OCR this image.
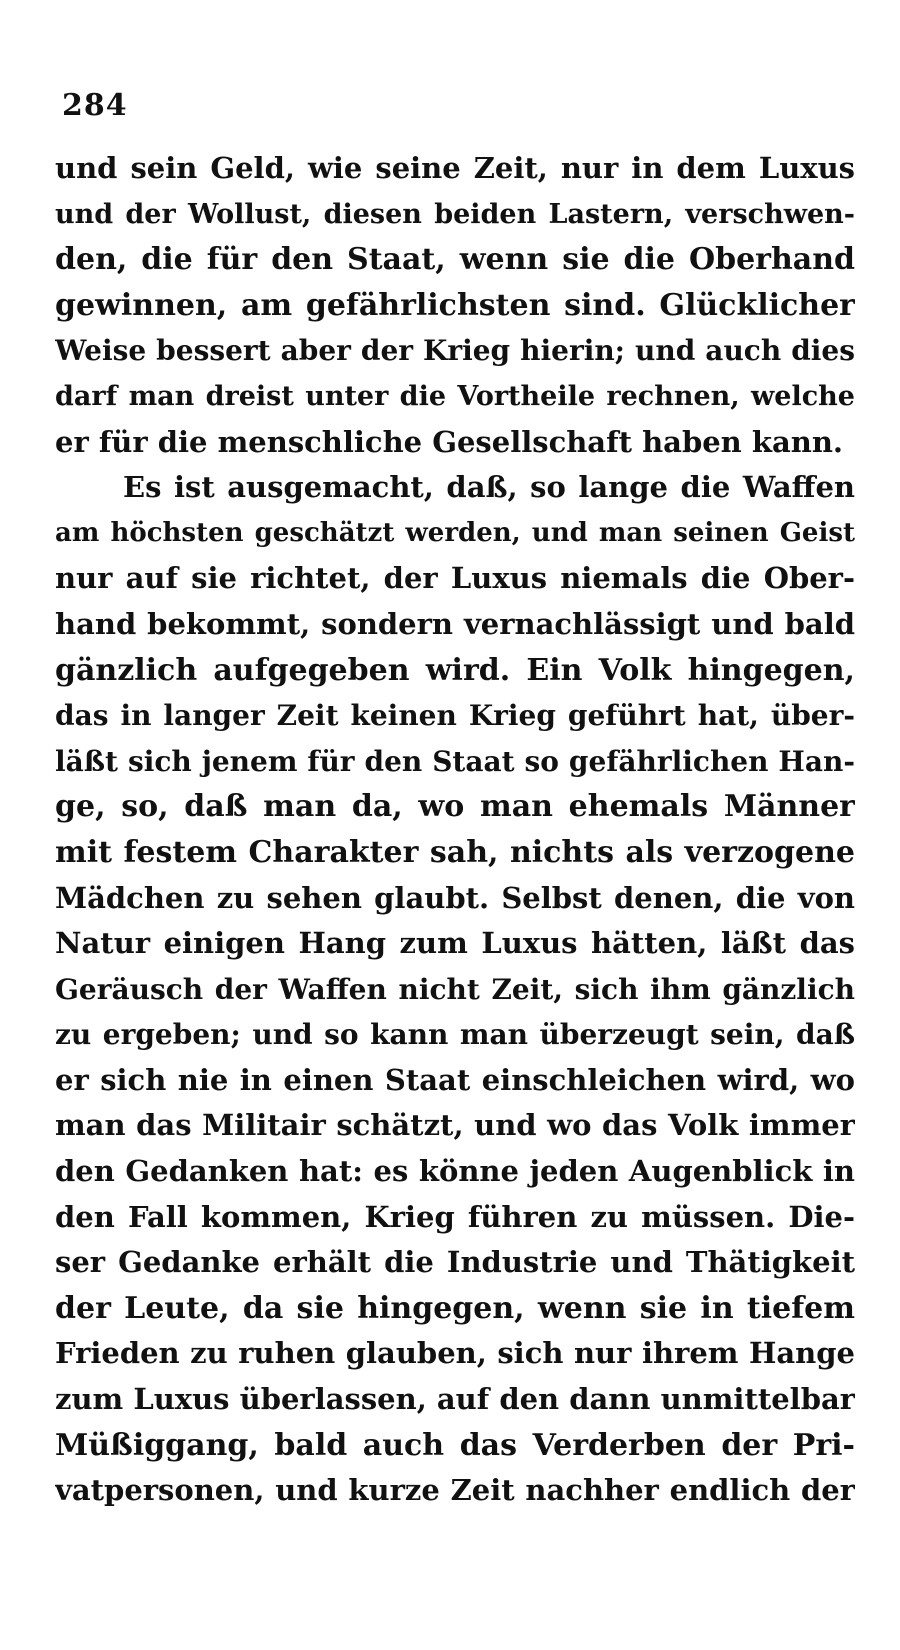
284
und sein Geld, wie seine Zeit, nur in dem Luxus
und der Wollust, diesen beiden Lastern, verschwen-
den, die für den Staat, wenn sie die Oberhand
gewinnen, am gefährlichsten sind. Glücklicher
Weise bessert aber der Krieg hierin; und auch dies
darf man dreist unter die Vortheile rechnen, welche
er für die menschliche Gesellschaft haben kann.
Es ist ausgemacht, daß, so lange die Waffen
am höchsten geschätzt werden, und man seinen Geist
nur auf sie richtet, der Luxus niemals die Ober-
hand bekommt, sondern vernachlässigt und bald
gänzlich aufgegeben wird. Ein Volk hingegen,
das in langer Zeit keinen Krieg geführt hat, über-
läßt sich jenem für den Staat so gefährlichen Han-
ge, so, daß man da, wo man ehemals Männer
mit festem Charakter sah, nichts als verzogene
Mädchen zu sehen glaubt. Selbst denen, die von
Natur einigen Hang zum Luxus hätten, läßt das
Geräusch der Waffen nicht Zeit, sich ihm gänzlich
zu ergeben; und so kann man überzeugt sein, daß
er sich nie in einen Staat einschleichen wird, wo
man das Militair schätzt, und wo das Volk immer
den Gedanken hat: es könne jeden Augenblick in
den Fall kommen, Krieg führen zu müssen. Die-
ser Gedanke erhält die Industrie und Thätigkeit
der Leute, da sie hingegen, wenn sie in tiefem
Frieden zu ruhen glauben, sich nur ihrem Hange
zum Luxus überlassen, auf den dann unmittelbar
Müßiggang, bald auch das Verderben der Pri-
vatpersonen, und kurze Zeit nachher endlich der
